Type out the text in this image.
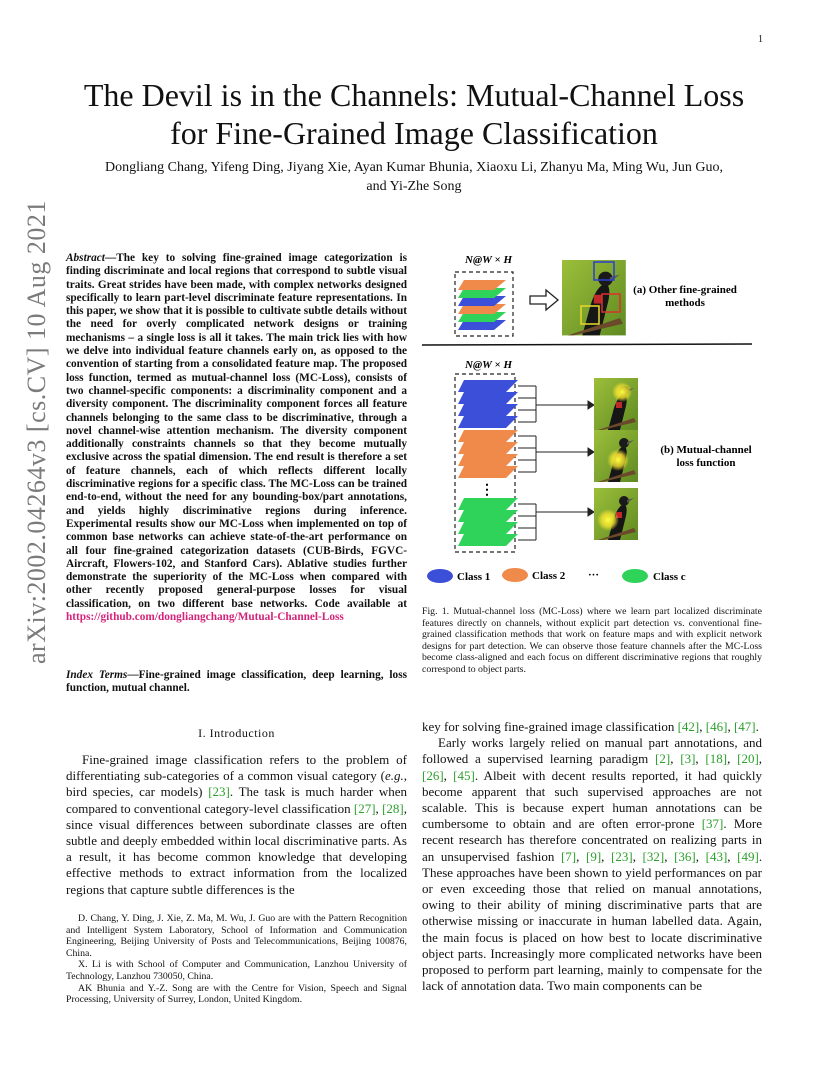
1
arXiv:2002.04264v3 [cs.CV] 10 Aug 2021
The Devil is in the Channels: Mutual-Channel Loss
for Fine-Grained Image Classification
Dongliang Chang, Yifeng Ding, Jiyang Xie, Ayan Kumar Bhunia, Xiaoxu Li, Zhanyu Ma, Ming Wu, Jun Guo,
and Yi-Zhe Song
Abstract—The key to solving fine-grained image categorization is finding discriminate and local regions that correspond to subtle visual traits. Great strides have been made, with complex networks designed specifically to learn part-level discriminate feature representations. In this paper, we show that it is possible to cultivate subtle details without the need for overly complicated network designs or training mechanisms – a single loss is all it takes. The main trick lies with how we delve into individual feature channels early on, as opposed to the convention of starting from a consolidated feature map. The proposed loss function, termed as mutual-channel loss (MC-Loss), consists of two channel-specific components: a discriminality component and a diversity component. The discriminality component forces all feature channels belonging to the same class to be discriminative, through a novel channel-wise attention mechanism. The diversity component additionally constraints channels so that they become mutually exclusive across the spatial dimension. The end result is therefore a set of feature channels, each of which reflects different locally discriminative regions for a specific class. The MC-Loss can be trained end-to-end, without the need for any bounding-box/part annotations, and yields highly discriminative regions during inference. Experimental results show our MC-Loss when implemented on top of common base networks can achieve state-of-the-art performance on all four fine-grained categorization datasets (CUB-Birds, FGVC-Aircraft, Flowers-102, and Stanford Cars). Ablative studies further demonstrate the superiority of the MC-Loss when compared with other recently proposed general-purpose losses for visual classification, on two different base networks. Code available at https://github.com/dongliangchang/Mutual-Channel-Loss
Index Terms—Fine-grained image classification, deep learning, loss function, mutual channel.
I. Introduction

Fine-grained image classification refers to the problem of differentiating sub-categories of a common visual category (e.g., bird species, car models) [23]. The task is much harder when compared to conventional category-level classification [27], [28], since visual differences between subordinate classes are often subtle and deeply embedded within local discriminative parts. As a result, it has become common knowledge that developing effective methods to extract information from the localized regions that capture subtle differences is the

D. Chang, Y. Ding, J. Xie, Z. Ma, M. Wu, J. Guo are with the Pattern Recognition and Intelligent System Laboratory, School of Information and Communication Engineering, Beijing University of Posts and Telecommunications, Beijing 100876, China.

X. Li is with School of Computer and Communication, Lanzhou University of Technology, Lanzhou 730050, China.

AK Bhunia and Y.-Z. Song are with the Centre for Vision, Speech and Signal Processing, University of Surrey, London, United Kingdom.

N@W × H
(a) Other fine-grained
methods
N@W × H
⋮
(b) Mutual-channel
loss function
Class 1	Class 2 ···	Class c
Fig. 1. Mutual-channel loss (MC-Loss) where we learn part localized discriminate features directly on channels, without explicit part detection vs. conventional fine-grained classification methods that work on feature maps and with explicit network designs for part detection. We can observe those feature channels after the MC-Loss become class-aligned and each focus on different discriminative regions that roughly correspond to object parts.

key for solving fine-grained image classification [42], [46], [47].

Early works largely relied on manual part annotations, and followed a supervised learning paradigm [2], [3], [18], [20], [26], [45]. Albeit with decent results reported, it had quickly become apparent that such supervised approaches are not scalable. This is because expert human annotations can be cumbersome to obtain and are often error-prone [37]. More recent research has therefore concentrated on realizing parts in an unsupervised fashion [7], [9], [23], [32], [36], [43], [49]. These approaches have been shown to yield performances on par or even exceeding those that relied on manual annotations, owing to their ability of mining discriminative parts that are otherwise missing or inaccurate in human labelled data. Again, the main focus is placed on how best to locate discriminative object parts. Increasingly more complicated networks have been proposed to perform part learning, mainly to compensate for the lack of annotation data. Two main components can be
